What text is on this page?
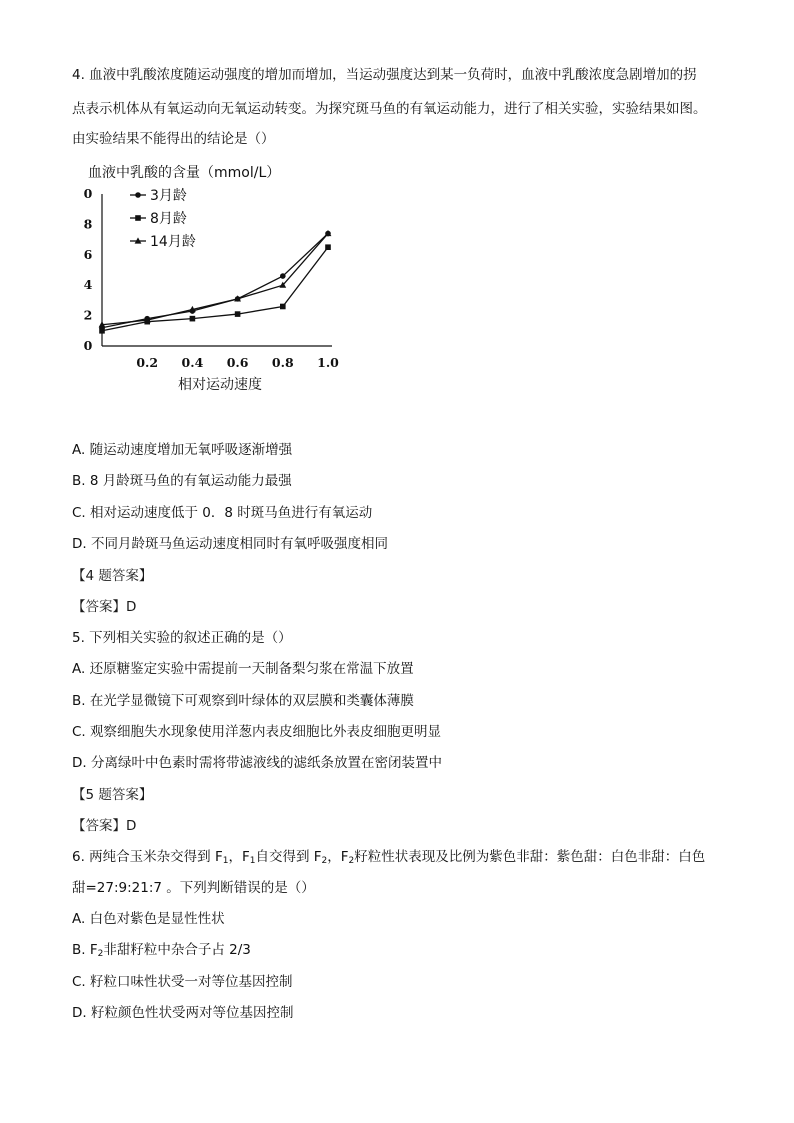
4. 血液中乳酸浓度随运动强度的增加而增加，当运动强度达到某一负荷时，血液中乳酸浓度急剧增加的拐
点表示机体从有氧运动向无氧运动转变。为探究斑马鱼的有氧运动能力，进行了相关实验，实验结果如图。
由实验结果不能得出的结论是（）
血液中乳酸的含量（mmol/L）
0
2
4
6
8
0
0.2 0.4 0.6 0.8 1.0
3月龄
8月龄
14月龄
相对运动速度
A. 随运动速度增加无氧呼吸逐渐增强
B. 8 月龄斑马鱼的有氧运动能力最强
C. 相对运动速度低于 0．8 时斑马鱼进行有氧运动
D. 不同月龄斑马鱼运动速度相同时有氧呼吸强度相同
【4 题答案】
【答案】D
5. 下列相关实验的叙述正确的是（）
A. 还原糖鉴定实验中需提前一天制备梨匀浆在常温下放置
B. 在光学显微镜下可观察到叶绿体的双层膜和类囊体薄膜
C. 观察细胞失水现象使用洋葱内表皮细胞比外表皮细胞更明显
D. 分离绿叶中色素时需将带滤液线的滤纸条放置在密闭装置中
【5 题答案】
【答案】D
6. 两纯合玉米杂交得到 $F_1$，$F_1$自交得到 $F_2$，$F_2$籽粒性状表现及比例为紫色非甜：紫色甜：白色非甜：白色
甜=27:9:21:7 。下列判断错误的是（）
A. 白色对紫色是显性性状
B. $F_2$非甜籽粒中杂合子占 2/3
C. 籽粒口味性状受一对等位基因控制
D. 籽粒颜色性状受两对等位基因控制
